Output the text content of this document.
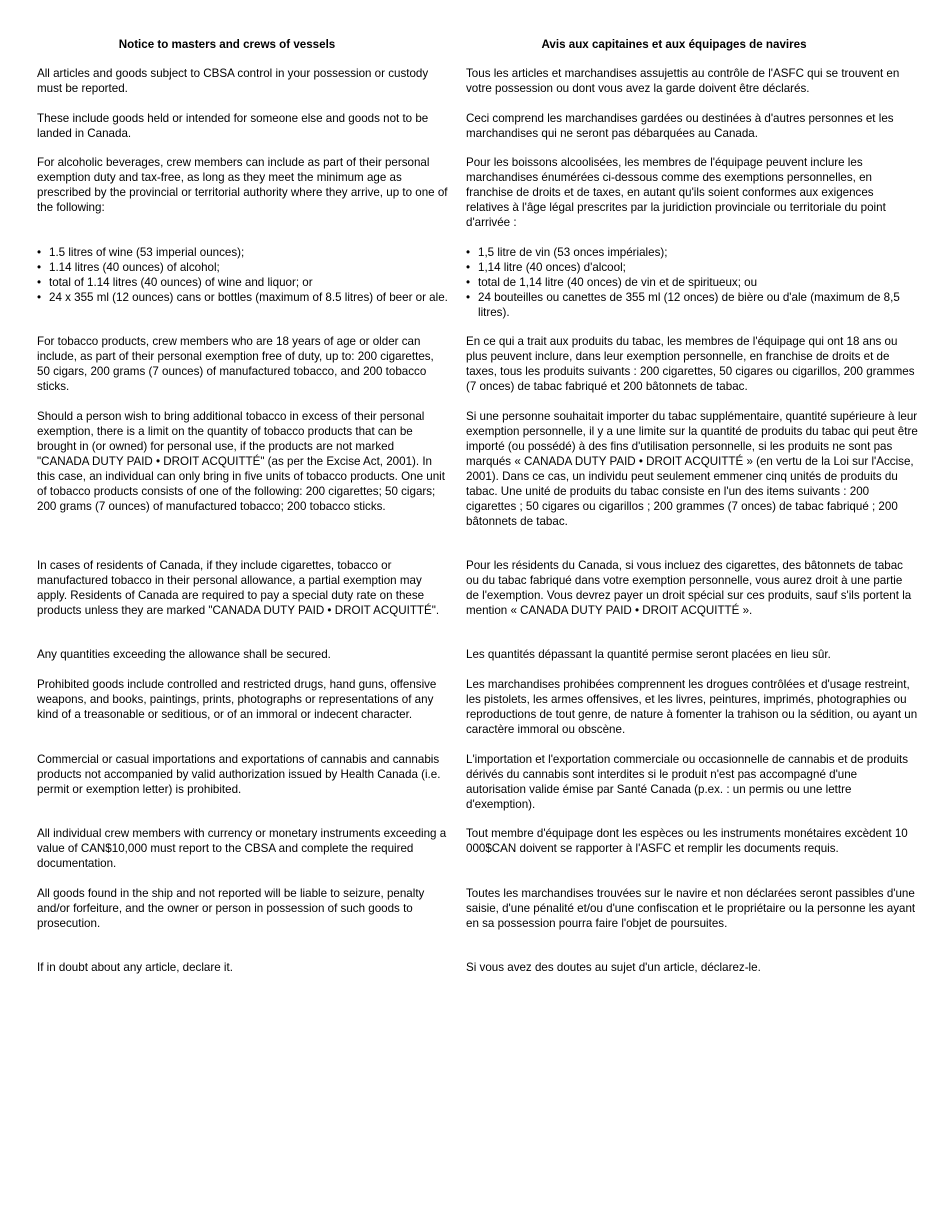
Notice to masters and crews of vessels

All articles and goods subject to CBSA control in your possession or custody must be reported.

These include goods held or intended for someone else and goods not to be landed in Canada.

For alcoholic beverages, crew members can include as part of their personal exemption duty and tax-free, as long as they meet the minimum age as prescribed by the provincial or territorial authority where they arrive, up to one of the following:

• 1.5 litres of wine (53 imperial ounces);
• 1.14 litres (40 ounces) of alcohol;
• total of 1.14 litres (40 ounces) of wine and liquor; or
• 24 x 355 ml (12 ounces) cans or bottles (maximum of 8.5 litres) of beer or ale.

For tobacco products, crew members who are 18 years of age or older can include, as part of their personal exemption free of duty, up to: 200 cigarettes, 50 cigars, 200 grams (7 ounces) of manufactured tobacco, and 200 tobacco sticks.

Should a person wish to bring additional tobacco in excess of their personal exemption, there is a limit on the quantity of tobacco products that can be brought in (or owned) for personal use, if the products are not marked "CANADA DUTY PAID • DROIT ACQUITTÉ" (as per the Excise Act, 2001). In this case, an individual can only bring in five units of tobacco products. One unit of tobacco products consists of one of the following: 200 cigarettes; 50 cigars; 200 grams (7 ounces) of manufactured tobacco; 200 tobacco sticks.

In cases of residents of Canada, if they include cigarettes, tobacco or manufactured tobacco in their personal allowance, a partial exemption may apply. Residents of Canada are required to pay a special duty rate on these products unless they are marked "CANADA DUTY PAID • DROIT ACQUITTÉ".

Any quantities exceeding the allowance shall be secured.

Prohibited goods include controlled and restricted drugs, hand guns, offensive weapons, and books, paintings, prints, photographs or representations of any kind of a treasonable or seditious, or of an immoral or indecent character.

Commercial or casual importations and exportations of cannabis and cannabis products not accompanied by valid authorization issued by Health Canada (i.e. permit or exemption letter) is prohibited.

All individual crew members with currency or monetary instruments exceeding a value of CAN$10,000 must report to the CBSA and complete the required documentation.

All goods found in the ship and not reported will be liable to seizure, penalty and/or forfeiture, and the owner or person in possession of such goods to prosecution.

If in doubt about any article, declare it.

Avis aux capitaines et aux équipages de navires

Tous les articles et marchandises assujettis au contrôle de l'ASFC qui se trouvent en votre possession ou dont vous avez la garde doivent être déclarés.

Ceci comprend les marchandises gardées ou destinées à d'autres personnes et les marchandises qui ne seront pas débarquées au Canada.

Pour les boissons alcoolisées, les membres de l'équipage peuvent inclure les marchandises énumérées ci-dessous comme des exemptions personnelles, en franchise de droits et de taxes, en autant qu'ils soient conformes aux exigences relatives à l'âge légal prescrites par la juridiction provinciale ou territoriale du point d'arrivée :

• 1,5 litre de vin (53 onces impériales);
• 1,14 litre (40 onces) d'alcool;
• total de 1,14 litre (40 onces) de vin et de spiritueux; ou
• 24 bouteilles ou canettes de 355 ml (12 onces) de bière ou d'ale (maximum de 8,5 litres).

En ce qui a trait aux produits du tabac, les membres de l'équipage qui ont 18 ans ou plus peuvent inclure, dans leur exemption personnelle, en franchise de droits et de taxes, tous les produits suivants : 200 cigarettes, 50 cigares ou cigarillos, 200 grammes (7 onces) de tabac fabriqué et 200 bâtonnets de tabac.

Si une personne souhaitait importer du tabac supplémentaire, quantité supérieure à leur exemption personnelle, il y a une limite sur la quantité de produits du tabac qui peut être importé (ou possédé) à des fins d'utilisation personnelle, si les produits ne sont pas marqués « CANADA DUTY PAID • DROIT ACQUITTÉ » (en vertu de la Loi sur l'Accise, 2001). Dans ce cas, un individu peut seulement emmener cinq unités de produits du tabac. Une unité de produits du tabac consiste en l'un des items suivants : 200 cigarettes ; 50 cigares ou cigarillos ; 200 grammes (7 onces) de tabac fabriqué ; 200 bâtonnets de tabac.

Pour les résidents du Canada, si vous incluez des cigarettes, des bâtonnets de tabac ou du tabac fabriqué dans votre exemption personnelle, vous aurez droit à une partie de l'exemption. Vous devrez payer un droit spécial sur ces produits, sauf s'ils portent la mention « CANADA DUTY PAID • DROIT ACQUITTÉ ».

Les quantités dépassant la quantité permise seront placées en lieu sûr.

Les marchandises prohibées comprennent les drogues contrôlées et d'usage restreint, les pistolets, les armes offensives, et les livres, peintures, imprimés, photographies ou reproductions de tout genre, de nature à fomenter la trahison ou la sédition, ou ayant un caractère immoral ou obscène.

L'importation et l'exportation commerciale ou occasionnelle de cannabis et de produits dérivés du cannabis sont interdites si le produit n'est pas accompagné d'une autorisation valide émise par Santé Canada (p.ex. : un permis ou une lettre d'exemption).

Tout membre d'équipage dont les espèces ou les instruments monétaires excèdent 10 000$CAN doivent se rapporter à l'ASFC et remplir les documents requis.

Toutes les marchandises trouvées sur le navire et non déclarées seront passibles d'une saisie, d'une pénalité et/ou d'une confiscation et le propriétaire ou la personne les ayant en sa possession pourra faire l'objet de poursuites.

Si vous avez des doutes au sujet d'un article, déclarez-le.
